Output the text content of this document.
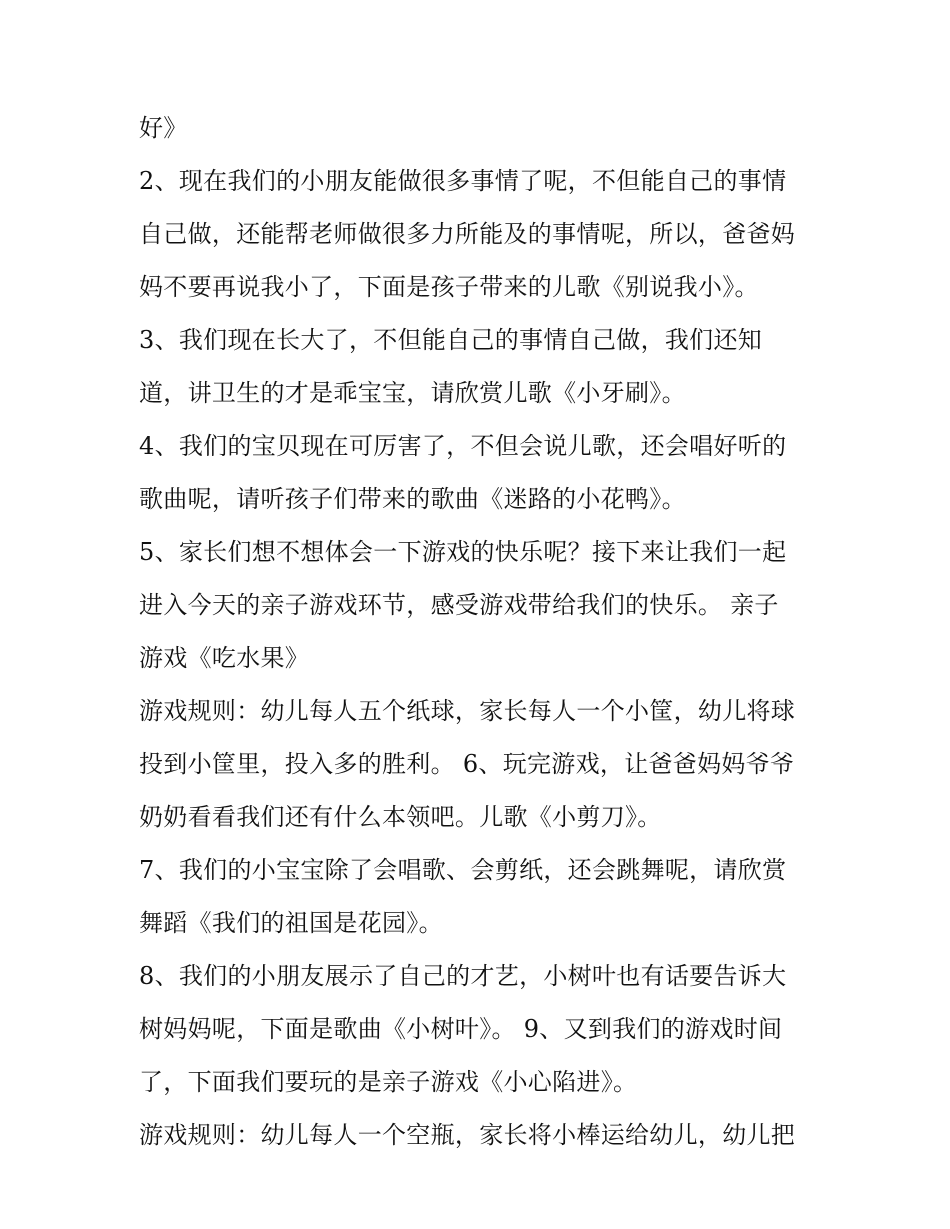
好》
2、现在我们的小朋友能做很多事情了呢，不但能自己的事情
自己做，还能帮老师做很多力所能及的事情呢，所以，爸爸妈
妈不要再说我小了，下面是孩子带来的儿歌《别说我小》。
3、我们现在长大了，不但能自己的事情自己做，我们还知
道，讲卫生的才是乖宝宝，请欣赏儿歌《小牙刷》。
4、我们的宝贝现在可厉害了，不但会说儿歌，还会唱好听的
歌曲呢，请听孩子们带来的歌曲《迷路的小花鸭》。
5、家长们想不想体会一下游戏的快乐呢？接下来让我们一起
进入今天的亲子游戏环节，感受游戏带给我们的快乐。 亲子
游戏《吃水果》
游戏规则：幼儿每人五个纸球，家长每人一个小筐，幼儿将球
投到小筐里，投入多的胜利。 6、玩完游戏，让爸爸妈妈爷爷
奶奶看看我们还有什么本领吧。儿歌《小剪刀》。
7、我们的小宝宝除了会唱歌、会剪纸，还会跳舞呢，请欣赏
舞蹈《我们的祖国是花园》。
8、我们的小朋友展示了自己的才艺，小树叶也有话要告诉大
树妈妈呢，下面是歌曲《小树叶》。 9、又到我们的游戏时间
了，下面我们要玩的是亲子游戏《小心陷进》。
游戏规则：幼儿每人一个空瓶，家长将小棒运给幼儿，幼儿把
